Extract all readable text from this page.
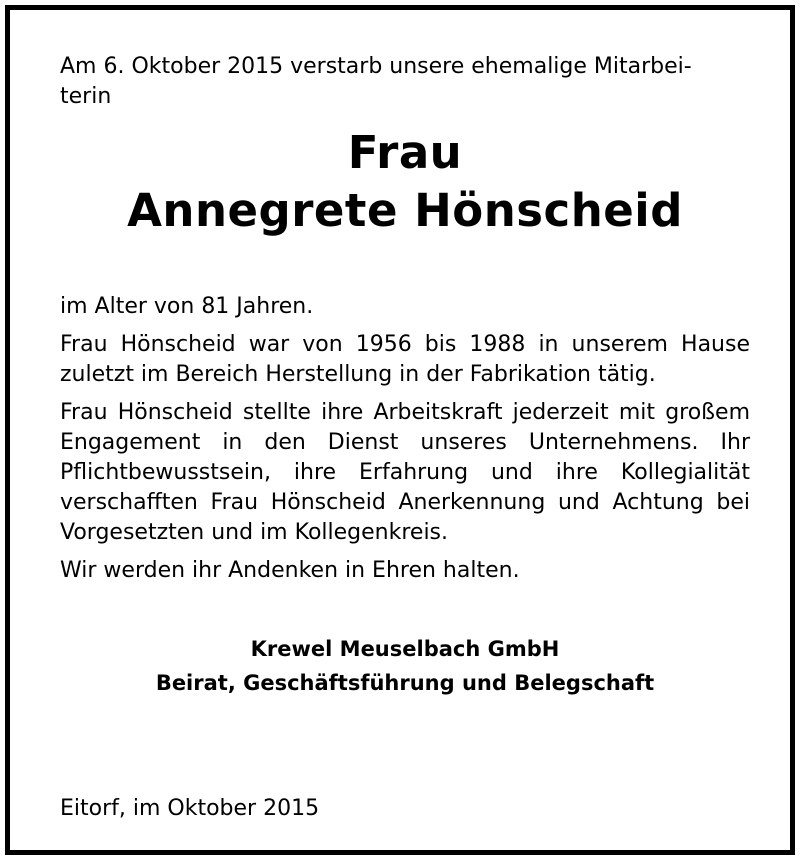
Am 6. Oktober 2015 verstarb unsere ehemalige Mitarbei-
terin

Frau
Annegrete Hönscheid

im Alter von 81 Jahren.

Frau Hönscheid war von 1956 bis 1988 in unserem Hause zuletzt im Bereich Herstellung in der Fabrikation tätig.

Frau Hönscheid stellte ihre Arbeitskraft jederzeit mit großem Engagement in den Dienst unseres Unternehmens. Ihr Pflichtbewusstsein, ihre Erfahrung und ihre Kollegialität verschafften Frau Hönscheid Anerkennung und Achtung bei Vorgesetzten und im Kollegenkreis.

Wir werden ihr Andenken in Ehren halten.

Krewel Meuselbach GmbH
Beirat, Geschäftsführung und Belegschaft
Eitorf, im Oktober 2015
